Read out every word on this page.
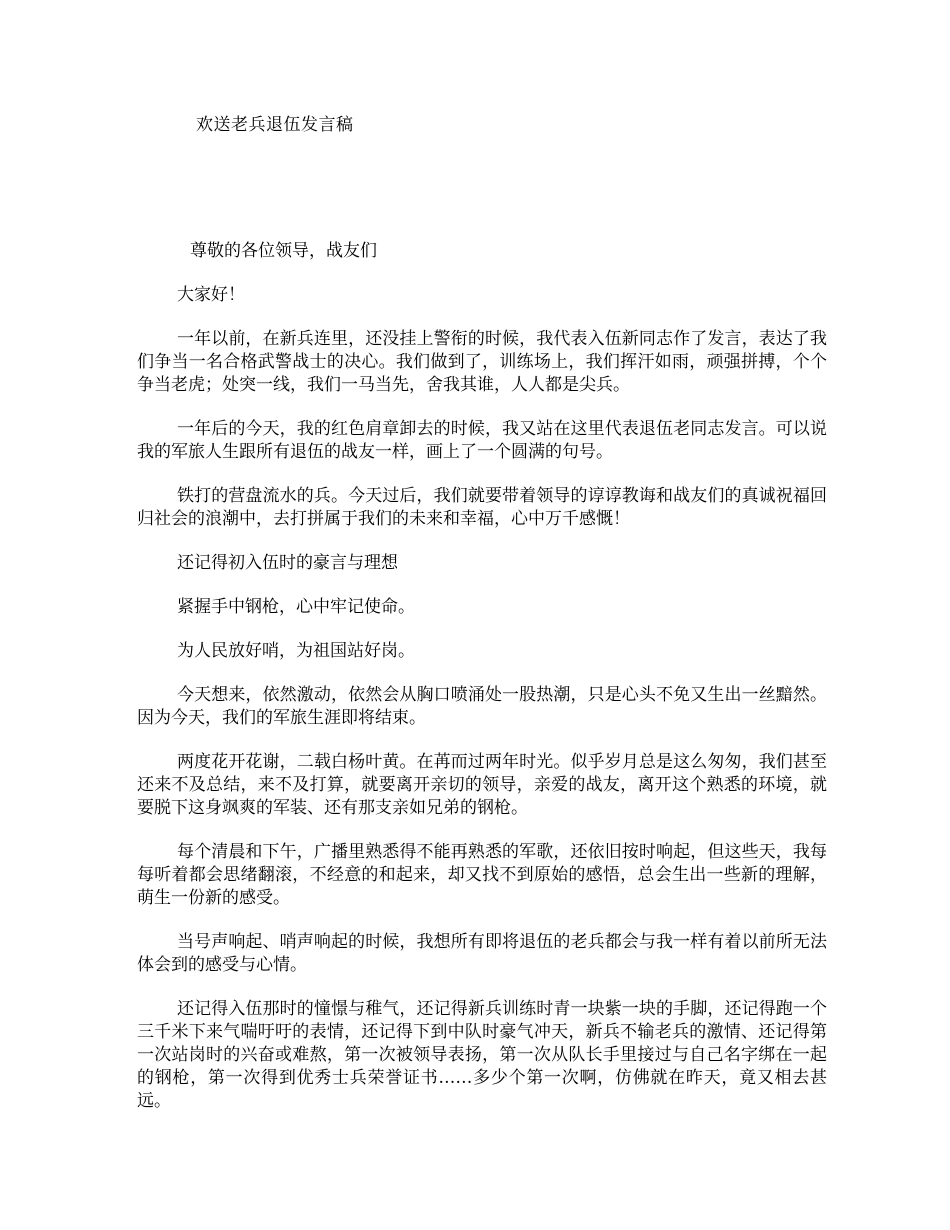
欢送老兵退伍发言稿
尊敬的各位领导，战友们

大家好！

一年以前，在新兵连里，还没挂上警衔的时候，我代表入伍新同志作了发言，表达了我们争当一名合格武警战士的决心。我们做到了，训练场上，我们挥汗如雨，顽强拼搏，个个争当老虎；处突一线，我们一马当先，舍我其谁，人人都是尖兵。

一年后的今天，我的红色肩章卸去的时候，我又站在这里代表退伍老同志发言。可以说我的军旅人生跟所有退伍的战友一样，画上了一个圆满的句号。

铁打的营盘流水的兵。今天过后，我们就要带着领导的谆谆教诲和战友们的真诚祝福回归社会的浪潮中，去打拼属于我们的未来和幸福，心中万千感慨！

还记得初入伍时的豪言与理想

紧握手中钢枪，心中牢记使命。

为人民放好哨，为祖国站好岗。

今天想来，依然激动，依然会从胸口喷涌处一股热潮，只是心头不免又生出一丝黯然。因为今天，我们的军旅生涯即将结束。

两度花开花谢，二载白杨叶黄。在苒而过两年时光。似乎岁月总是这么匆匆，我们甚至还来不及总结，来不及打算，就要离开亲切的领导，亲爱的战友，离开这个熟悉的环境，就要脱下这身飒爽的军装、还有那支亲如兄弟的钢枪。

每个清晨和下午，广播里熟悉得不能再熟悉的军歌，还依旧按时响起，但这些天，我每每听着都会思绪翻滚，不经意的和起来，却又找不到原始的感悟，总会生出一些新的理解，萌生一份新的感受。

当号声响起、哨声响起的时候，我想所有即将退伍的老兵都会与我一样有着以前所无法体会到的感受与心情。

还记得入伍那时的憧憬与稚气，还记得新兵训练时青一块紫一块的手脚，还记得跑一个三千米下来气喘吁吁的表情，还记得下到中队时豪气冲天，新兵不输老兵的激情、还记得第一次站岗时的兴奋或难熬，第一次被领导表扬，第一次从队长手里接过与自己名字绑在一起的钢枪，第一次得到优秀士兵荣誉证书……多少个第一次啊，仿佛就在昨天，竟又相去甚远。
